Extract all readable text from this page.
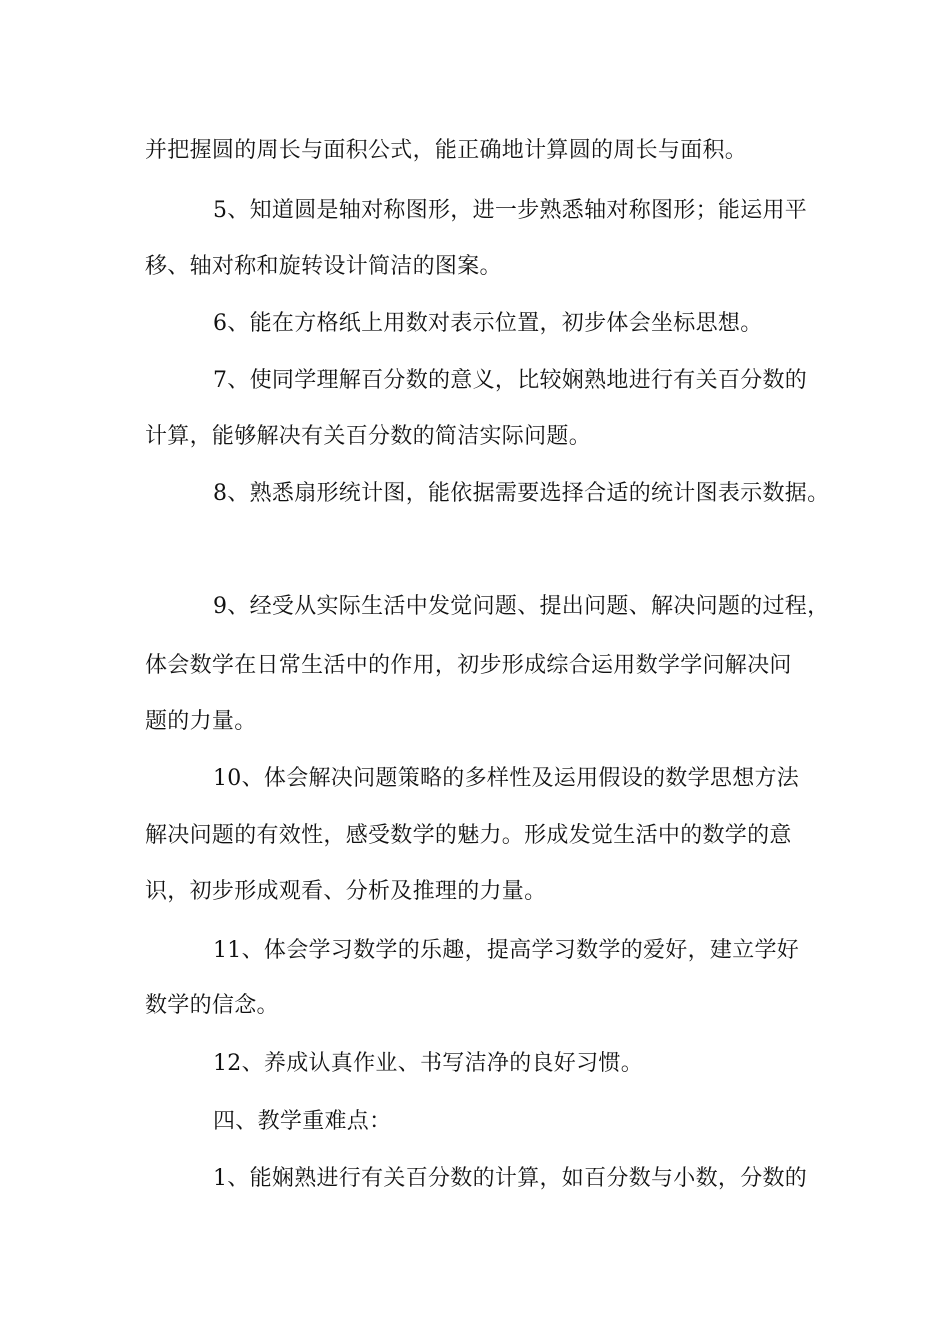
并把握圆的周长与面积公式，能正确地计算圆的周长与面积。
5、知道圆是轴对称图形，进一步熟悉轴对称图形；能运用平
移、轴对称和旋转设计简洁的图案。
6、能在方格纸上用数对表示位置，初步体会坐标思想。
7、使同学理解百分数的意义，比较娴熟地进行有关百分数的
计算，能够解决有关百分数的简洁实际问题。
8、熟悉扇形统计图，能依据需要选择合适的统计图表示数据。
9、经受从实际生活中发觉问题、提出问题、解决问题的过程，
体会数学在日常生活中的作用，初步形成综合运用数学学问解决问
题的力量。
10、体会解决问题策略的多样性及运用假设的数学思想方法
解决问题的有效性，感受数学的魅力。形成发觉生活中的数学的意
识，初步形成观看、分析及推理的力量。
11、体会学习数学的乐趣，提高学习数学的爱好，建立学好
数学的信念。
12、养成认真作业、书写洁净的良好习惯。
四、教学重难点：
1、能娴熟进行有关百分数的计算，如百分数与小数，分数的
